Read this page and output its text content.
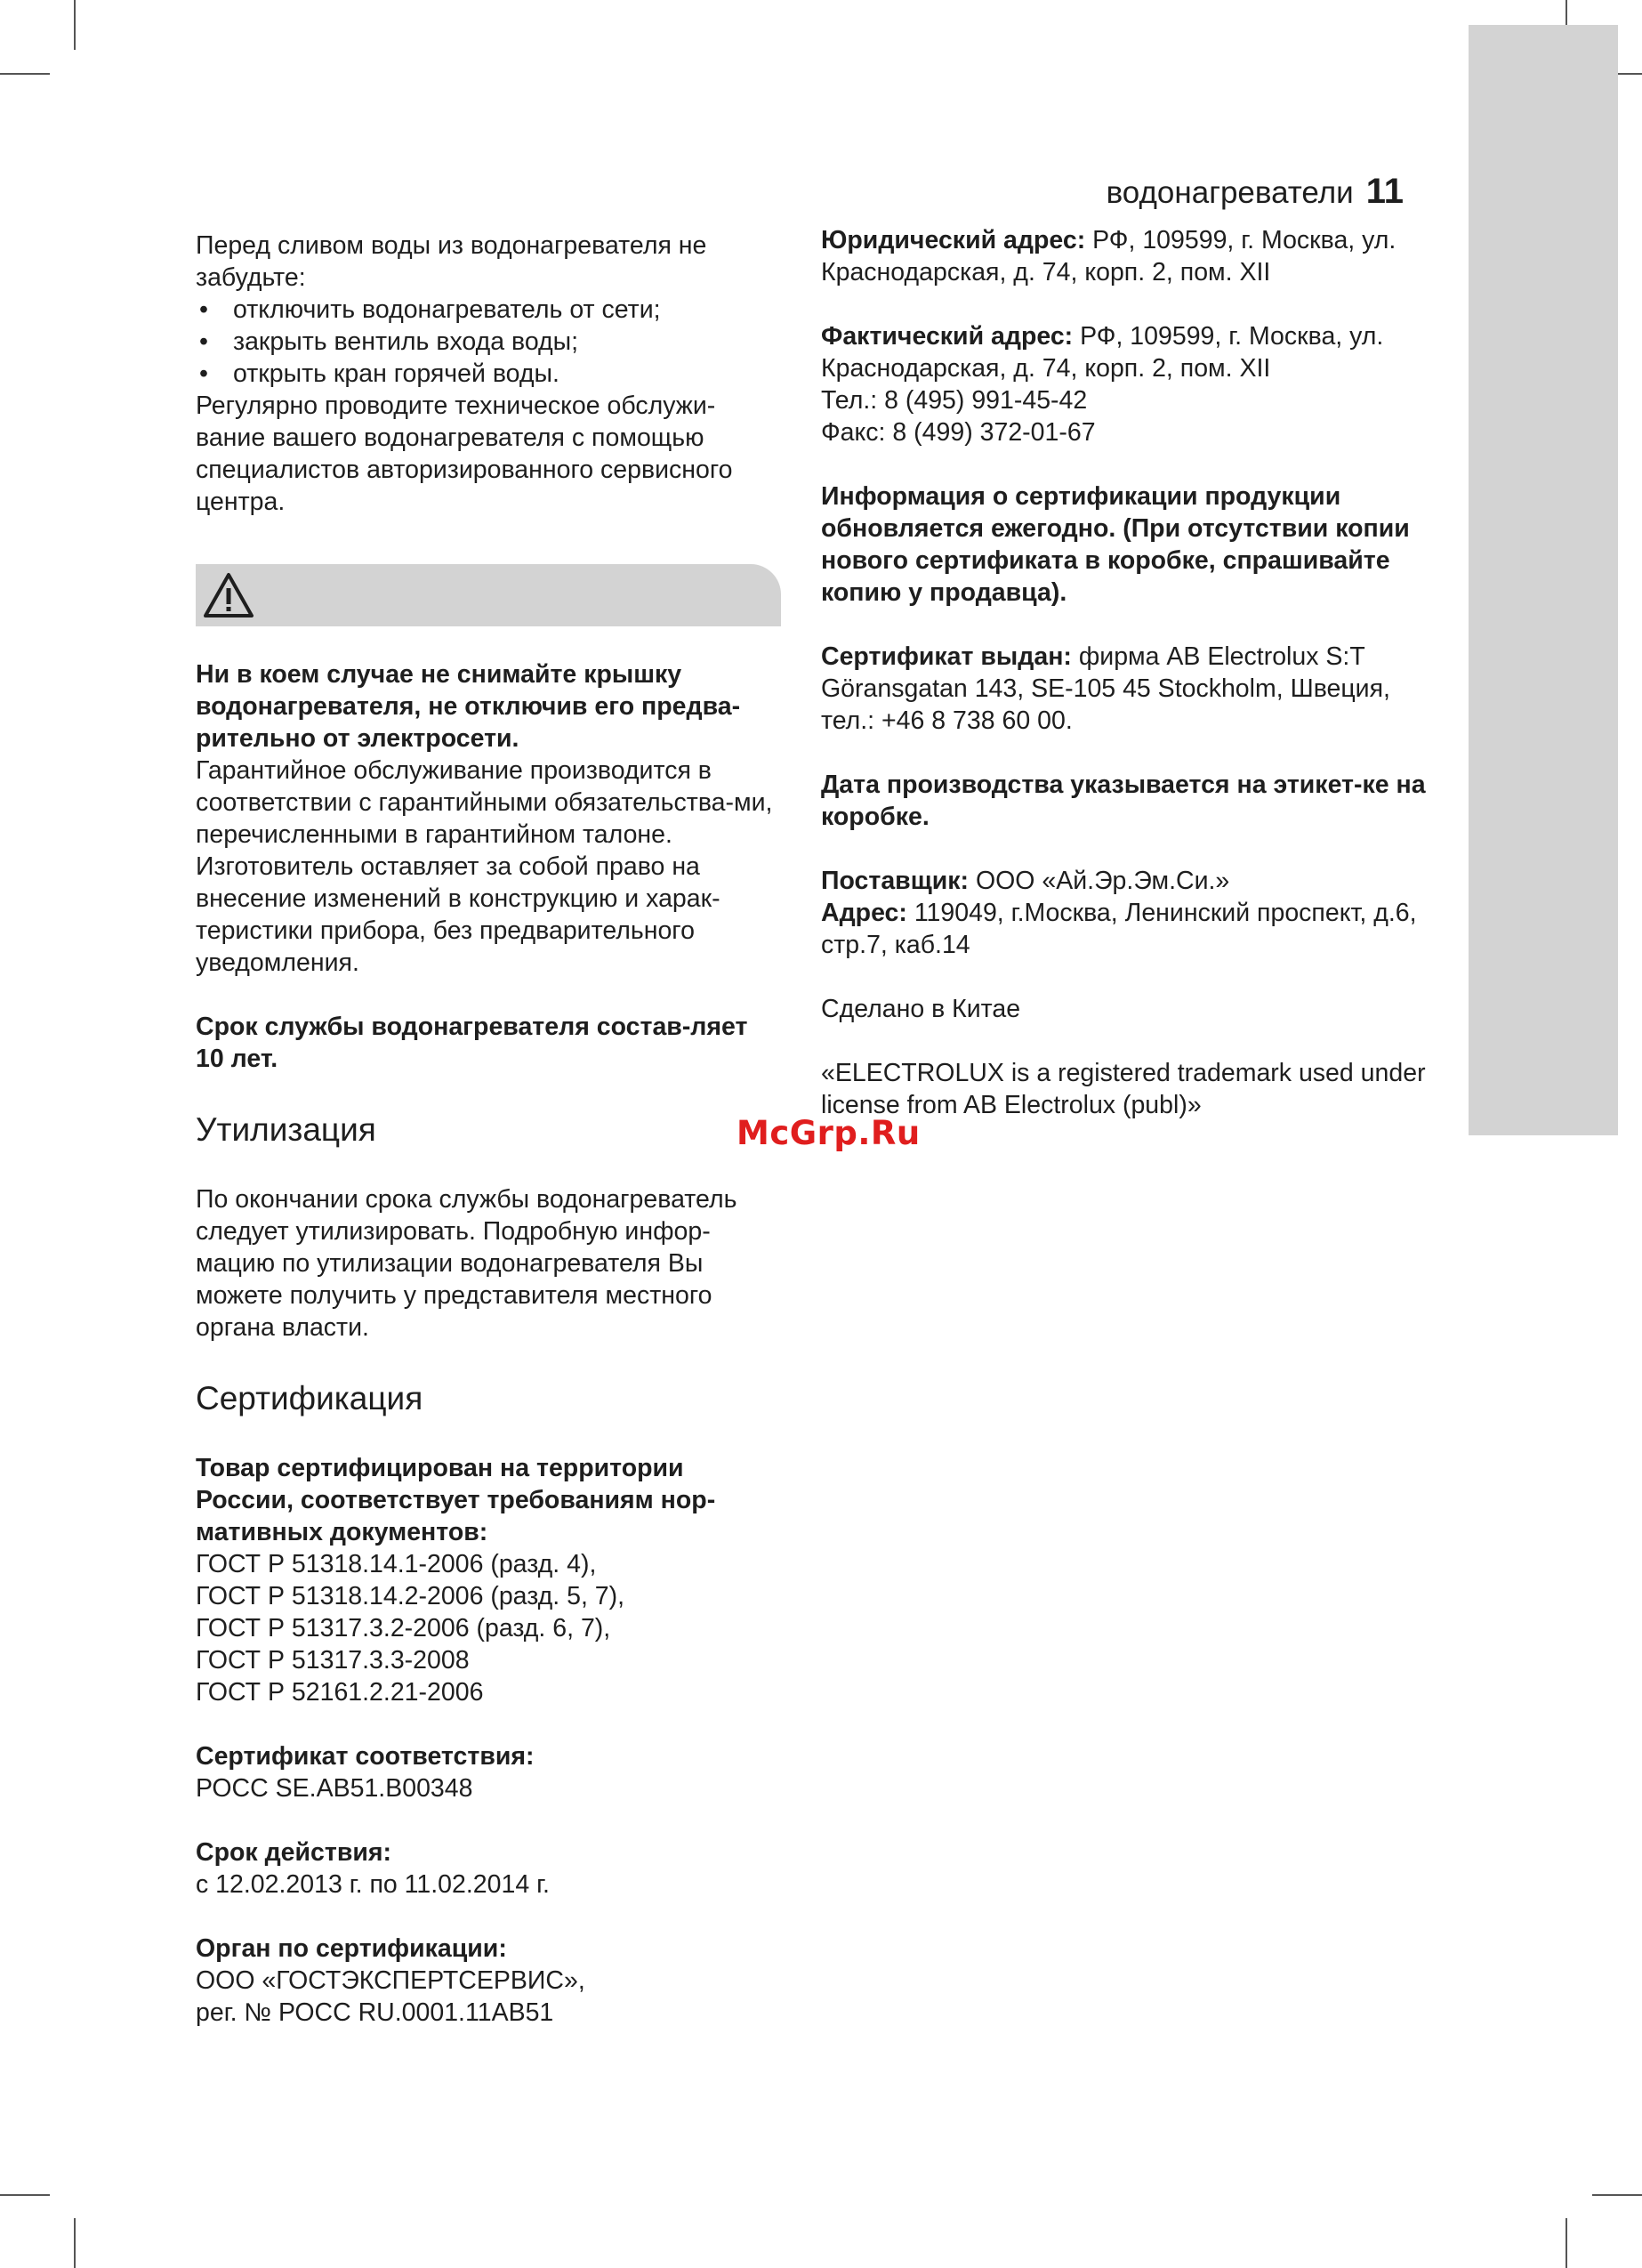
водонагреватели 11

Перед сливом воды из водонагревателя не забудьте:

• отключить водонагреватель от сети;
• закрыть вентиль входа воды;
• открыть кран горячей воды.

Регулярно проводите техническое обслужи-вание вашего водонагревателя с помощью специалистов авторизированного сервисного центра.

Ни в коем случае не снимайте крышку водонагревателя, не отключив его предва-рительно от электросети.

Гарантийное обслуживание производится в соответствии с гарантийными обязательства-ми, перечисленными в гарантийном талоне. Изготовитель оставляет за собой право на внесение изменений в конструкцию и харак-теристики прибора, без предварительного уведомления.

Срок службы водонагревателя состав-ляет 10 лет.

Утилизация

По окончании срока службы водонагреватель следует утилизировать. Подробную инфор-мацию по утилизации водонагревателя Вы можете получить у представителя местного органа власти.

Сертификация

Товар сертифицирован на территории России, соответствует требованиям нор-мативных документов:

ГОСТ Р 51318.14.1-2006 (разд. 4),

ГОСТ Р 51318.14.2-2006 (разд. 5, 7),

ГОСТ Р 51317.3.2-2006 (разд. 6, 7),

ГОСТ Р 51317.3.3-2008

ГОСТ Р 52161.2.21-2006

Сертификат соответствия:

РОСС SE.АВ51.В00348

Срок действия:

с 12.02.2013 г. по 11.02.2014 г.

Орган по сертификации:

ООО «ГОСТЭКСПЕРТСЕРВИС»,

рег. № РОСС RU.0001.11АВ51

Юридический адрес: РФ, 109599, г. Москва, ул. Краснодарская, д. 74, корп. 2, пом. XII

Фактический адрес: РФ, 109599, г. Москва, ул. Краснодарская, д. 74, корп. 2, пом. XII

Тел.: 8 (495) 991-45-42

Факс: 8 (499) 372-01-67

Информация о сертификации продукции обновляется ежегодно. (При отсутствии копии нового сертификата в коробке, спрашивайте копию у продавца).

Сертификат выдан: фирма AB Electrolux S:T Göransgatan 143, SE-105 45 Stockholm, Швеция, тел.: +46 8 738 60 00.

Дата производства указывается на этикет-ке на коробке.

Поставщик: ООО «Ай.Эр.Эм.Си.»

Адрес: 119049, г.Москва, Ленинский проспект, д.6, стр.7, каб.14

Сделано в Китае

«ELECTROLUX is a registered trademark used under license from AB Electrolux (publ)»

McGrp.Ru
